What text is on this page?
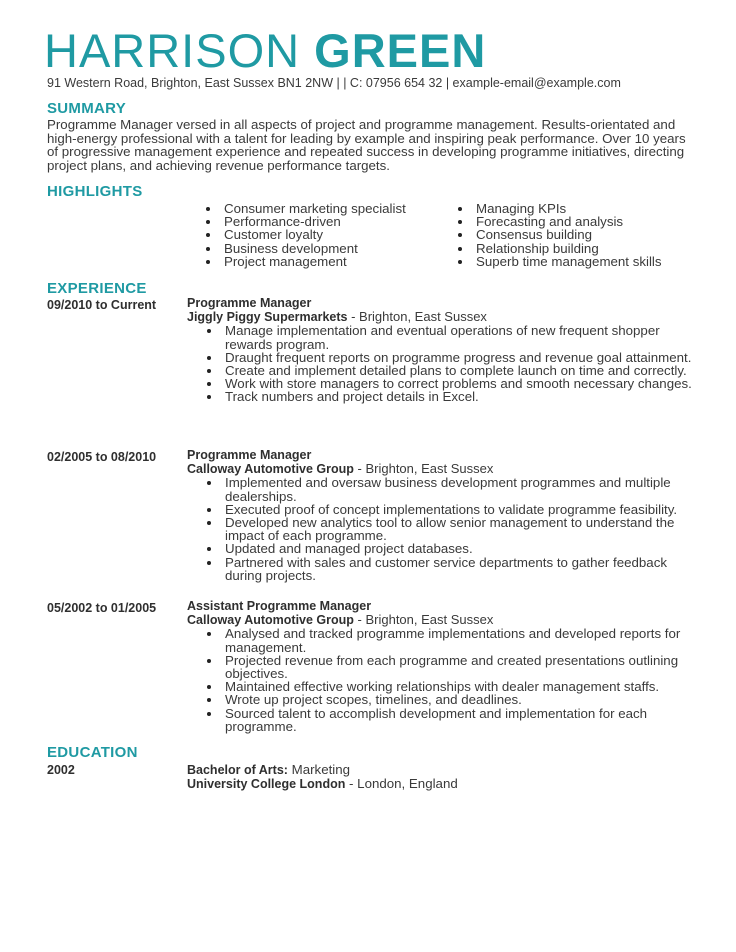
HARRISON GREEN
91 Western Road, Brighton, East Sussex BN1 2NW | | C: 07956 654 32 | example-email@example.com
SUMMARY
Programme Manager versed in all aspects of project and programme management. Results-orientated and high-energy professional with a talent for leading by example and inspiring peak performance. Over 10 years of progressive management experience and repeated success in developing programme initiatives, directing project plans, and achieving revenue performance targets.
HIGHLIGHTS
Consumer marketing specialist
Performance-driven
Customer loyalty
Business development
Project management
Managing KPIs
Forecasting and analysis
Consensus building
Relationship building
Superb time management skills
EXPERIENCE
09/2010 to Current Programme Manager
Jiggly Piggy Supermarkets - Brighton, East Sussex
Manage implementation and eventual operations of new frequent shopper rewards program.
Draught frequent reports on programme progress and revenue goal attainment.
Create and implement detailed plans to complete launch on time and correctly.
Work with store managers to correct problems and smooth necessary changes.
Track numbers and project details in Excel.
02/2005 to 08/2010 Programme Manager
Calloway Automotive Group - Brighton, East Sussex
Implemented and oversaw business development programmes and multiple dealerships.
Executed proof of concept implementations to validate programme feasibility.
Developed new analytics tool to allow senior management to understand the impact of each programme.
Updated and managed project databases.
Partnered with sales and customer service departments to gather feedback during projects.
05/2002 to 01/2005 Assistant Programme Manager
Calloway Automotive Group - Brighton, East Sussex
Analysed and tracked programme implementations and developed reports for management.
Projected revenue from each programme and created presentations outlining objectives.
Maintained effective working relationships with dealer management staffs.
Wrote up project scopes, timelines, and deadlines.
Sourced talent to accomplish development and implementation for each programme.
EDUCATION
2002	Bachelor of Arts: Marketing
University College London - London, England
